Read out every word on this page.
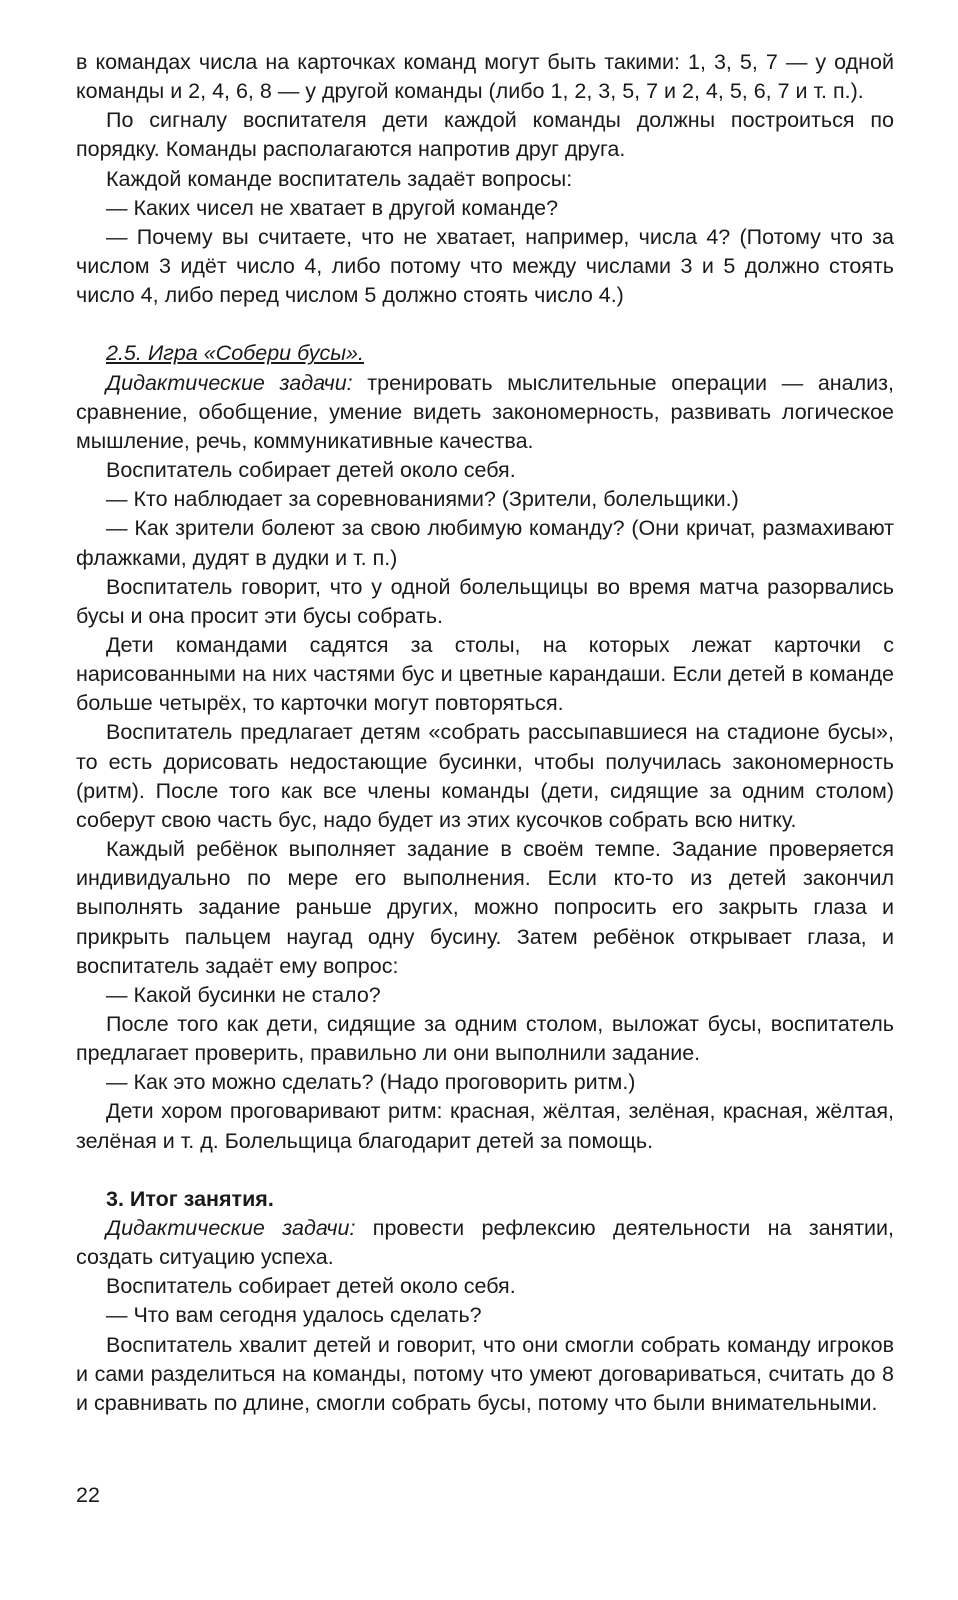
в командах числа на карточках команд могут быть такими: 1, 3, 5, 7 — у одной команды и 2, 4, 6, 8 — у другой команды (либо 1, 2, 3, 5, 7 и 2, 4, 5, 6, 7 и т. п.).

По сигналу воспитателя дети каждой команды должны построиться по порядку. Команды располагаются напротив друг друга.

Каждой команде воспитатель задаёт вопросы:

— Каких чисел не хватает в другой команде?

— Почему вы считаете, что не хватает, например, числа 4? (Потому что за числом 3 идёт число 4, либо потому что между числами 3 и 5 должно стоять число 4, либо перед числом 5 должно стоять число 4.)

2.5. Игра «Собери бусы».

Дидактические задачи: тренировать мыслительные операции — анализ, сравнение, обобщение, умение видеть закономерность, развивать логическое мышление, речь, коммуникативные качества.

Воспитатель собирает детей около себя.

— Кто наблюдает за соревнованиями? (Зрители, болельщики.)

— Как зрители болеют за свою любимую команду? (Они кричат, размахивают флажками, дудят в дудки и т. п.)

Воспитатель говорит, что у одной болельщицы во время матча разорвались бусы и она просит эти бусы собрать.

Дети командами садятся за столы, на которых лежат карточки с нарисованными на них частями бус и цветные карандаши. Если детей в команде больше четырёх, то карточки могут повторяться.

Воспитатель предлагает детям «собрать рассыпавшиеся на стадионе бусы», то есть дорисовать недостающие бусинки, чтобы получилась закономерность (ритм). После того как все члены команды (дети, сидящие за одним столом) соберут свою часть бус, надо будет из этих кусочков собрать всю нитку.

Каждый ребёнок выполняет задание в своём темпе. Задание проверяется индивидуально по мере его выполнения. Если кто-то из детей закончил выполнять задание раньше других, можно попросить его закрыть глаза и прикрыть пальцем наугад одну бусину. Затем ребёнок открывает глаза, и воспитатель задаёт ему вопрос:

— Какой бусинки не стало?

После того как дети, сидящие за одним столом, выложат бусы, воспитатель предлагает проверить, правильно ли они выполнили задание.

— Как это можно сделать? (Надо проговорить ритм.)

Дети хором проговаривают ритм: красная, жёлтая, зелёная, красная, жёлтая, зелёная и т. д. Болельщица благодарит детей за помощь.

3. Итог занятия.

Дидактические задачи: провести рефлексию деятельности на занятии, создать ситуацию успеха.

Воспитатель собирает детей около себя.

— Что вам сегодня удалось сделать?

Воспитатель хвалит детей и говорит, что они смогли собрать команду игроков и сами разделиться на команды, потому что умеют договариваться, считать до 8 и сравнивать по длине, смогли собрать бусы, потому что были внимательными.

22
